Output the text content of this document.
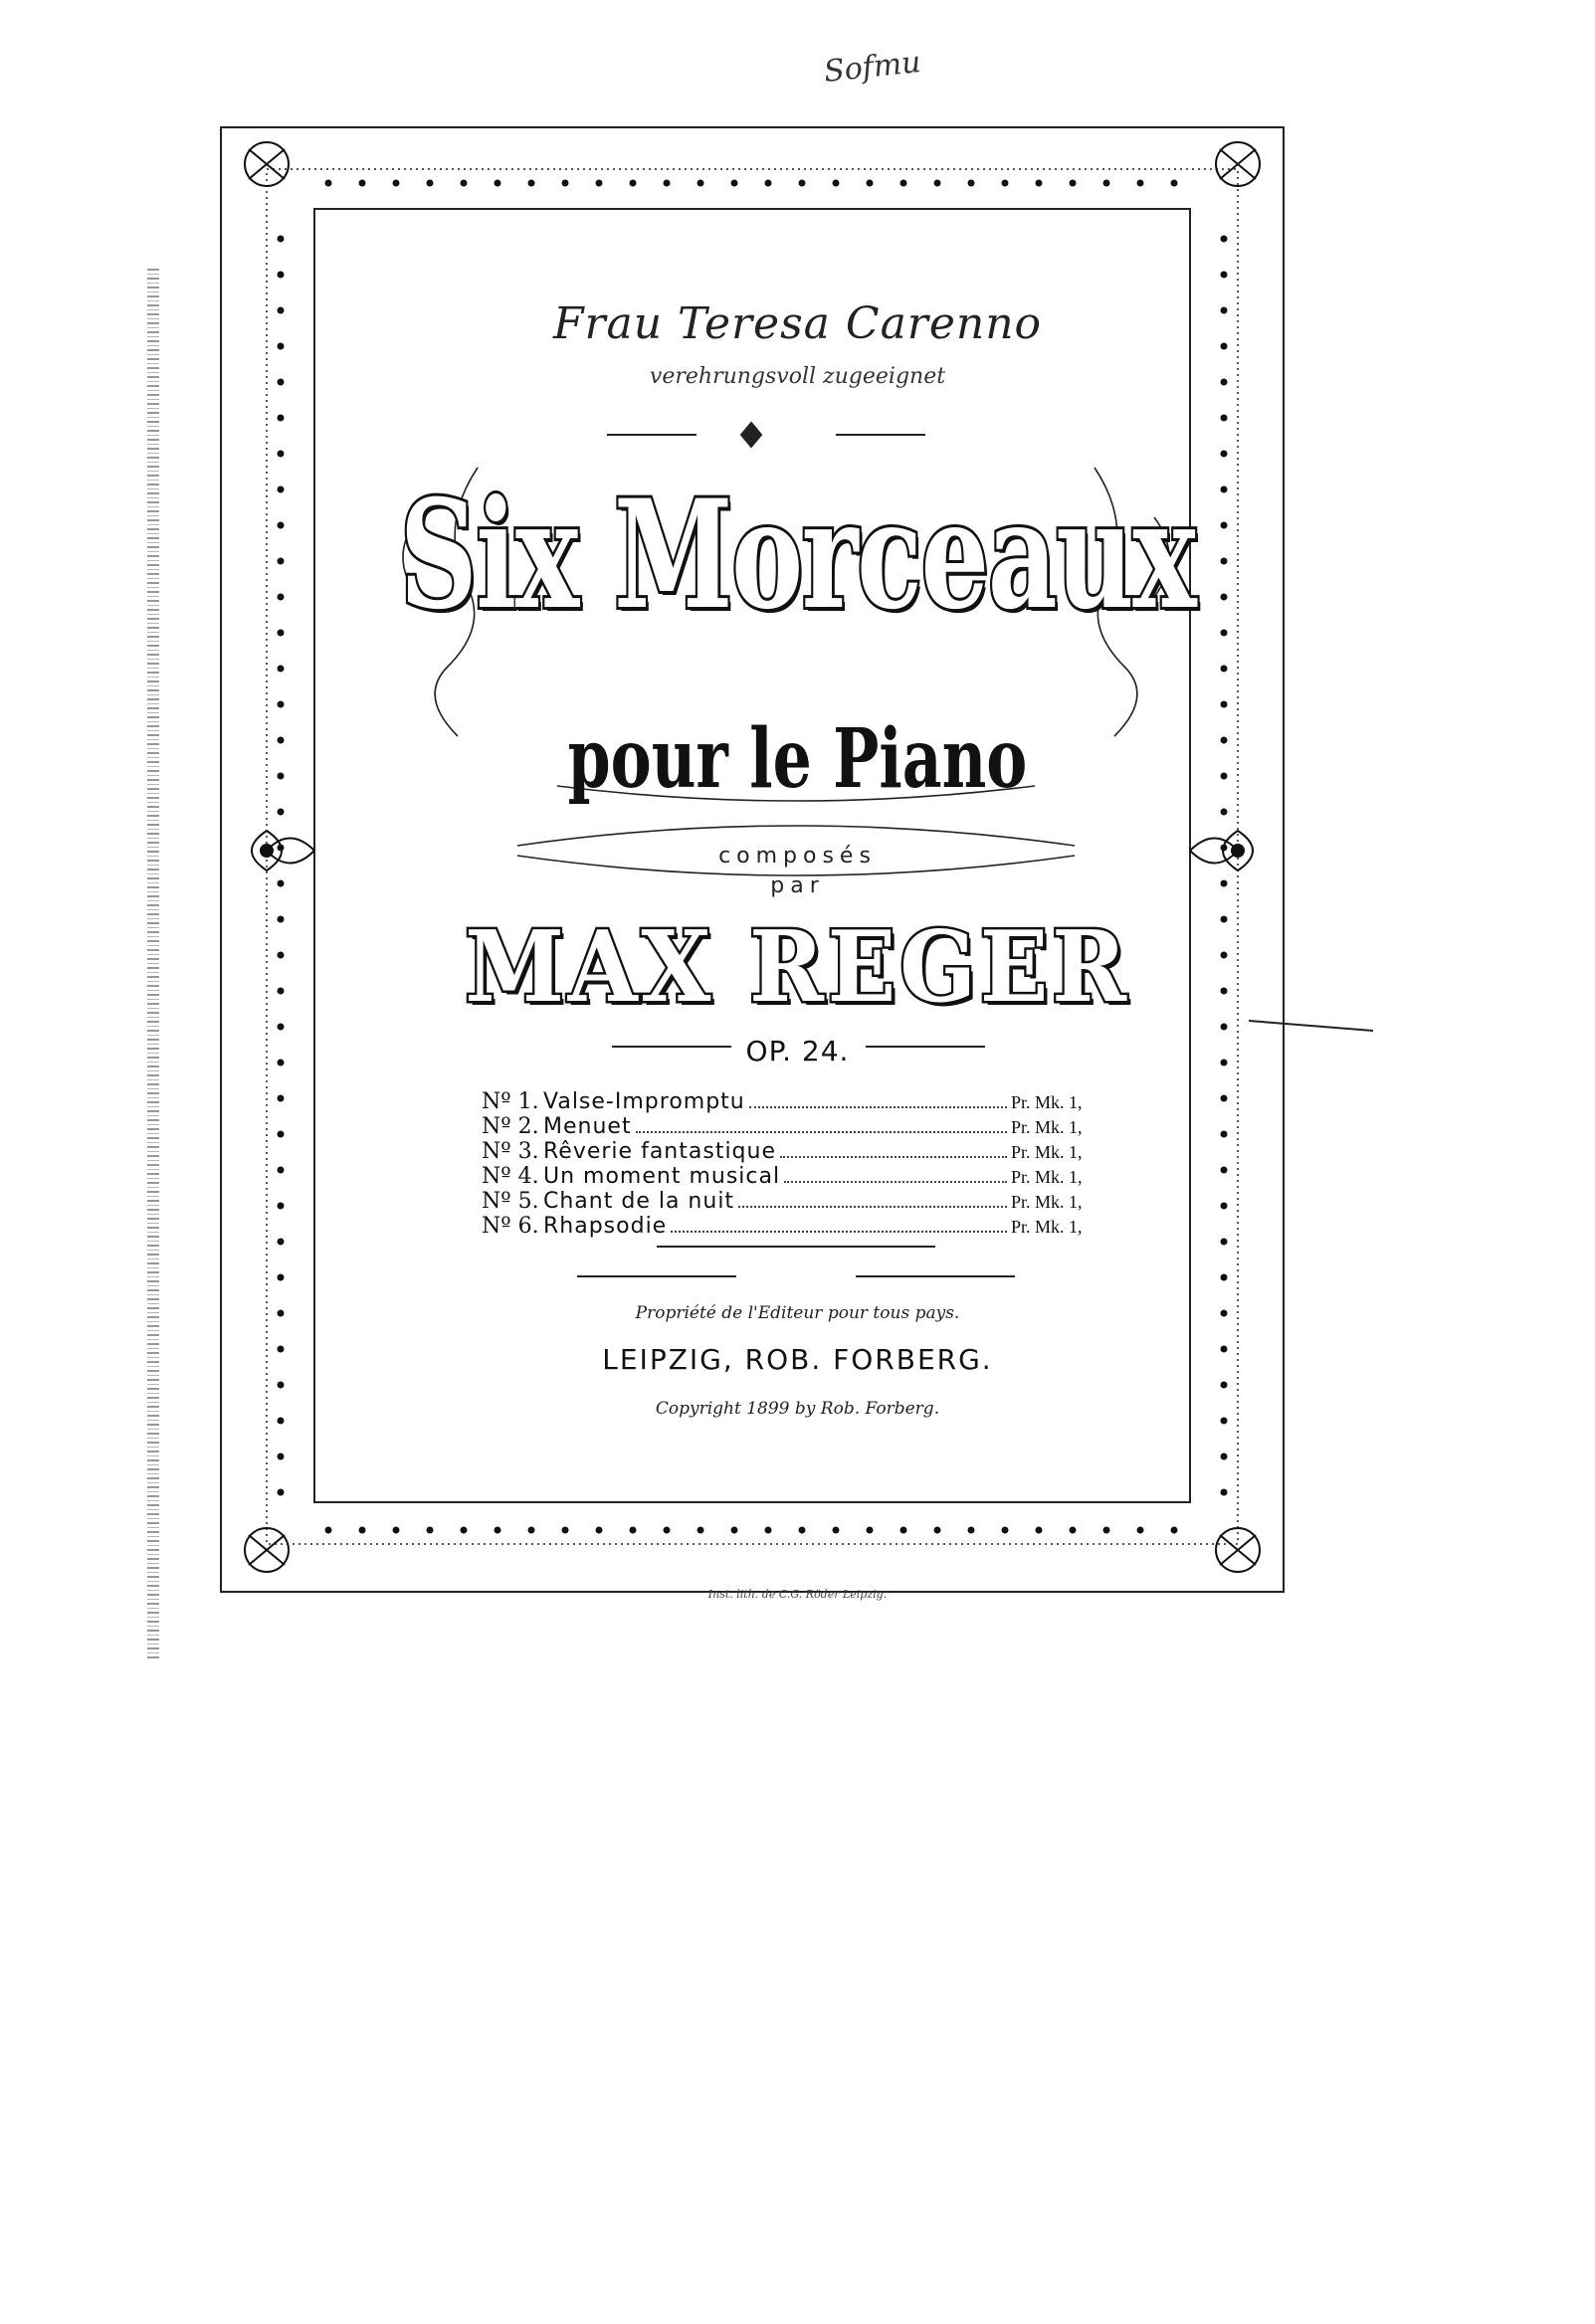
Sofmu
Frau Teresa Carenno
verehrungsvoll zugeeignet
Six Morceaux
pour le Piano
composés
par
MAX REGER
OP. 24.
Nº 1. Valse-Impromptu	Pr. Mk. 1,
Nº 2. Menuet	Pr. Mk. 1,
Nº 3. Rêverie fantastique	Pr. Mk. 1,
Nº 4. Un moment musical	Pr. Mk. 1,
Nº 5. Chant de la nuit	Pr. Mk. 1,
Nº 6. Rhapsodie	Pr. Mk. 1,
Propriété de l'Editeur pour tous pays.
LEIPZIG, ROB. FORBERG.
Copyright 1899 by Rob. Forberg.
Inst. lith. de C.G. Röder Leipzig.
